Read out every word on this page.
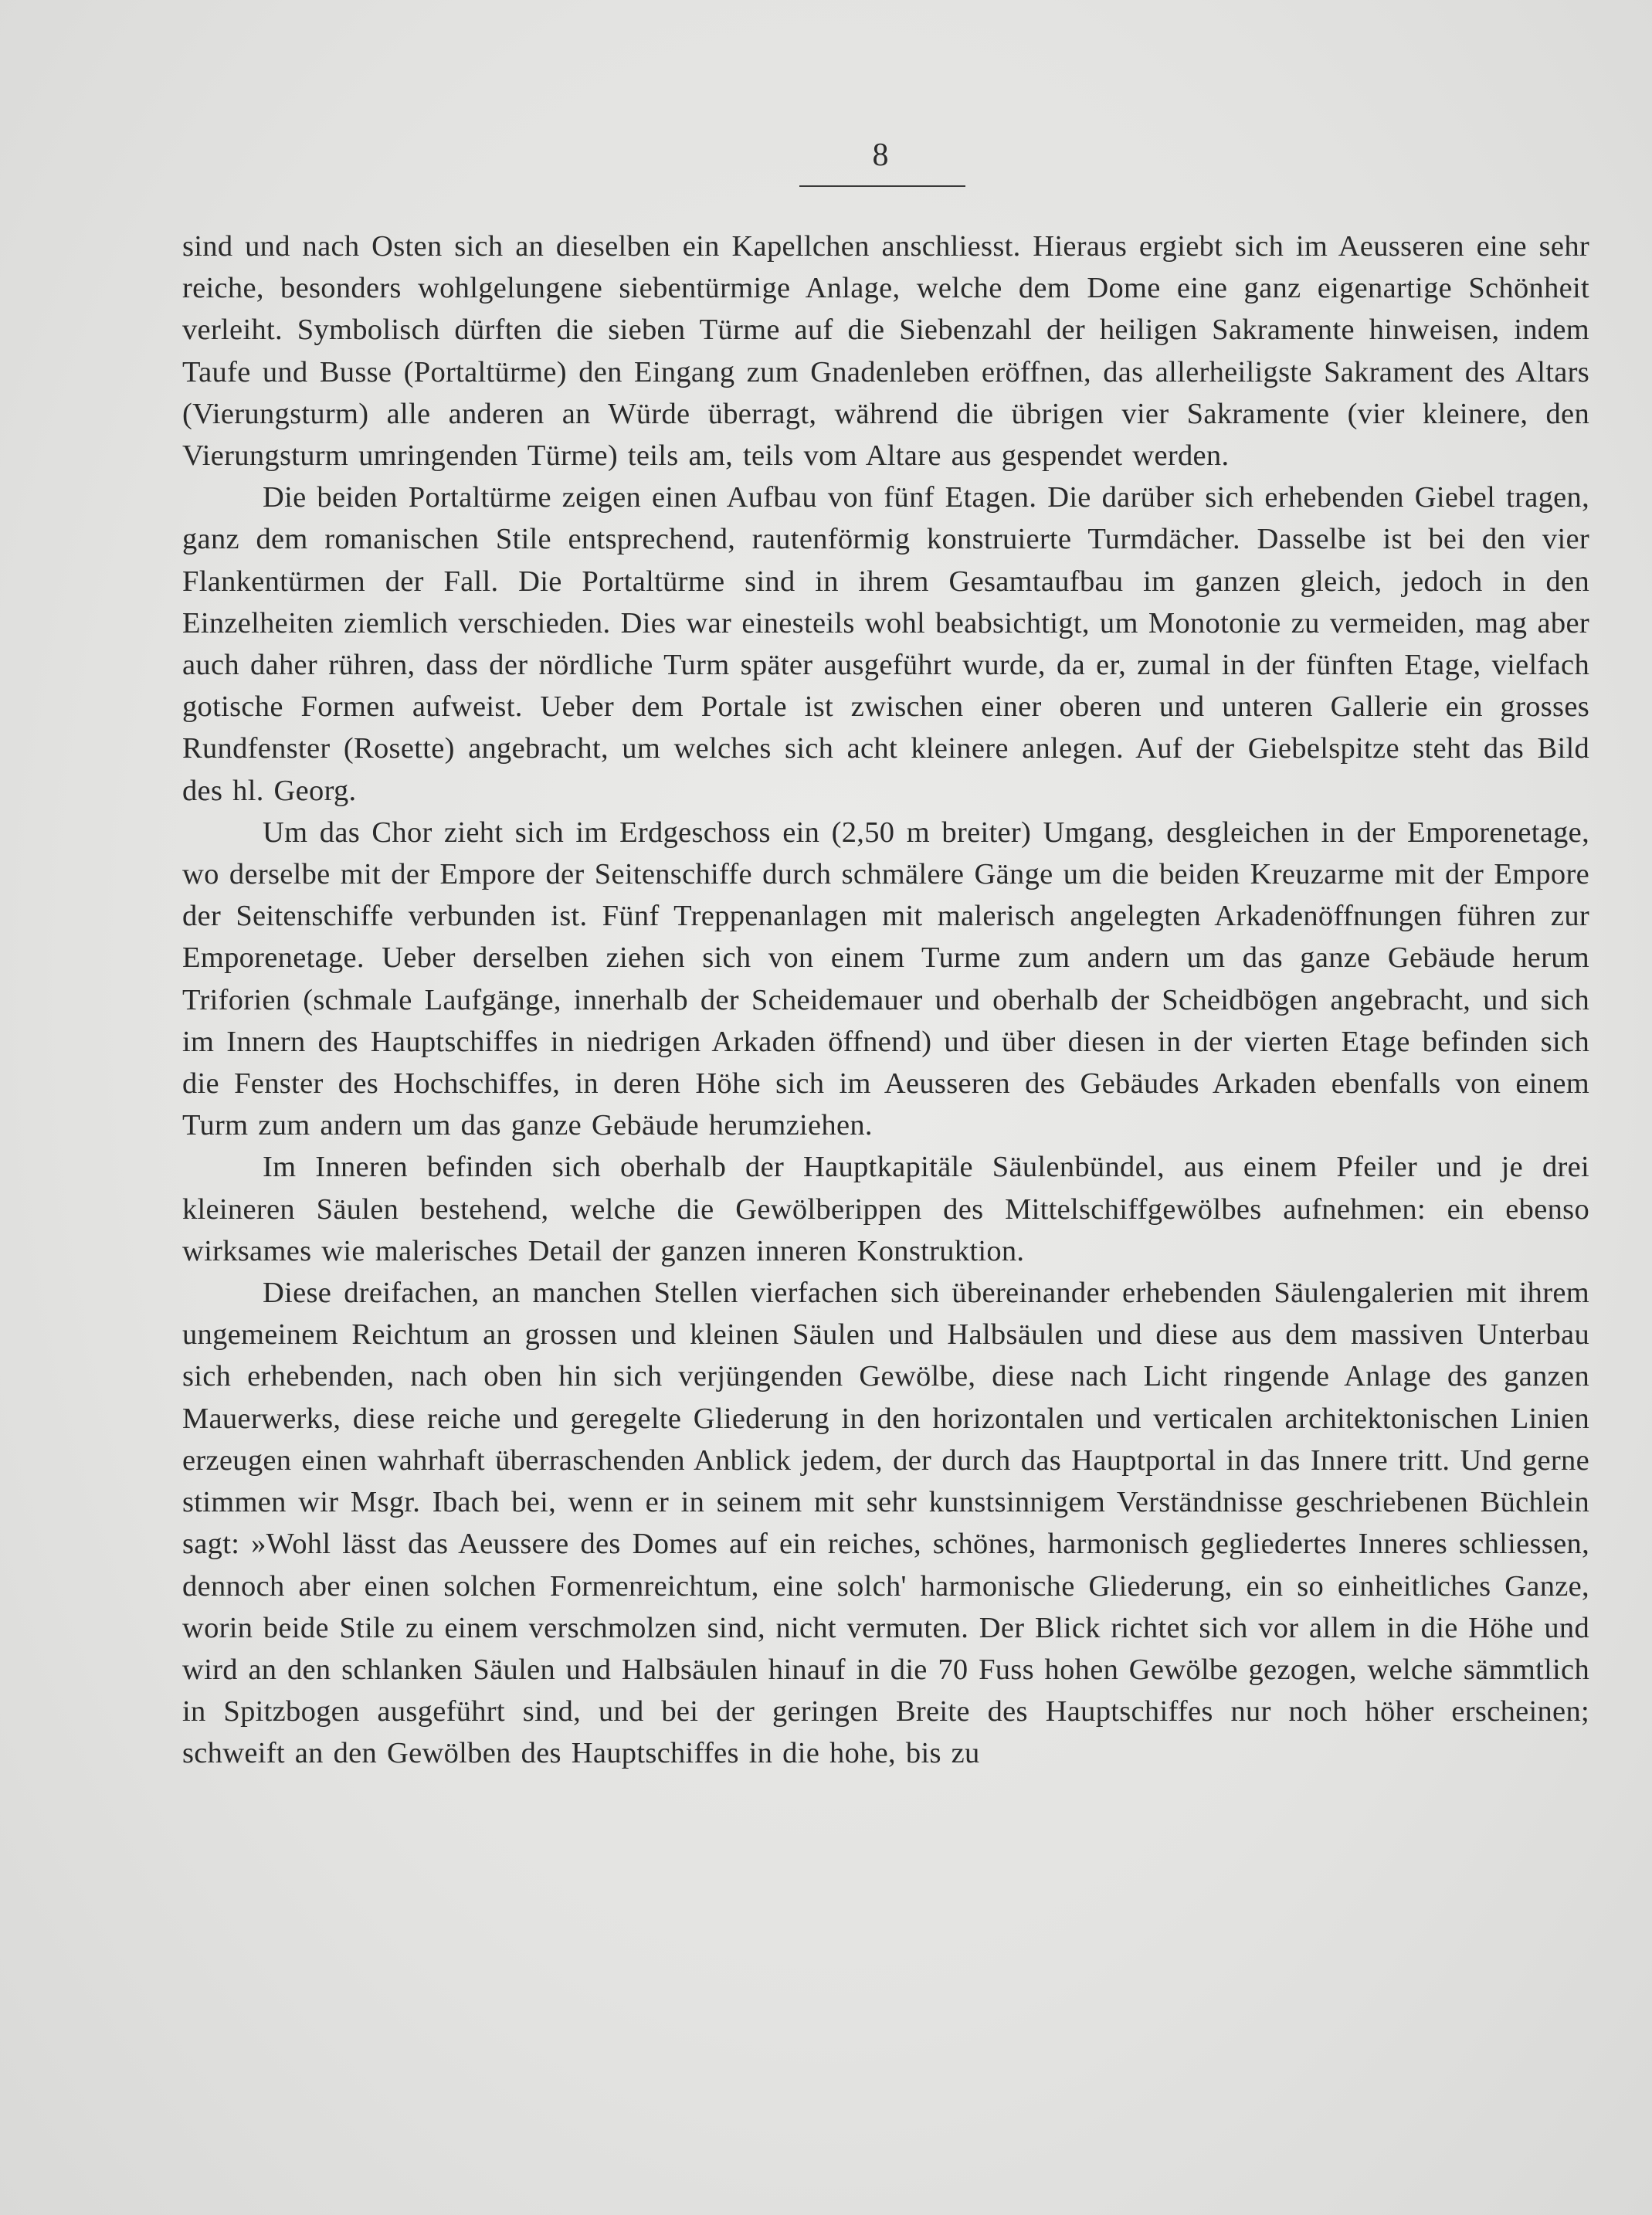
8

sind und nach Osten sich an dieselben ein Kapellchen anschliesst. Hieraus ergiebt sich im Aeusseren eine sehr reiche, besonders wohlgelungene siebentürmige Anlage, welche dem Dome eine ganz eigenartige Schönheit verleiht. Symbolisch dürften die sieben Türme auf die Siebenzahl der heiligen Sakramente hinweisen, indem Taufe und Busse (Portaltürme) den Eingang zum Gnadenleben eröffnen, das allerheiligste Sakrament des Altars (Vierungsturm) alle anderen an Würde überragt, während die übrigen vier Sakramente (vier kleinere, den Vierungsturm umringenden Türme) teils am, teils vom Altare aus gespendet werden.

Die beiden Portaltürme zeigen einen Aufbau von fünf Etagen. Die darüber sich erhebenden Giebel tragen, ganz dem romanischen Stile entsprechend, rautenförmig konstruierte Turmdächer. Dasselbe ist bei den vier Flankentürmen der Fall. Die Portaltürme sind in ihrem Gesamtaufbau im ganzen gleich, jedoch in den Einzelheiten ziemlich verschieden. Dies war einesteils wohl beabsichtigt, um Monotonie zu vermeiden, mag aber auch daher rühren, dass der nördliche Turm später ausgeführt wurde, da er, zumal in der fünften Etage, vielfach gotische Formen aufweist. Ueber dem Portale ist zwischen einer oberen und unteren Gallerie ein grosses Rundfenster (Rosette) angebracht, um welches sich acht kleinere anlegen. Auf der Giebelspitze steht das Bild des hl. Georg.

Um das Chor zieht sich im Erdgeschoss ein (2,50 m breiter) Umgang, desgleichen in der Emporenetage, wo derselbe mit der Empore der Seitenschiffe durch schmälere Gänge um die beiden Kreuzarme mit der Empore der Seitenschiffe verbunden ist. Fünf Treppenanlagen mit malerisch angelegten Arkadenöffnungen führen zur Emporenetage. Ueber derselben ziehen sich von einem Turme zum andern um das ganze Gebäude herum Triforien (schmale Laufgänge, innerhalb der Scheidemauer und oberhalb der Scheidbögen angebracht, und sich im Innern des Hauptschiffes in niedrigen Arkaden öffnend) und über diesen in der vierten Etage befinden sich die Fenster des Hochschiffes, in deren Höhe sich im Aeusseren des Gebäudes Arkaden ebenfalls von einem Turm zum andern um das ganze Gebäude herumziehen.

Im Inneren befinden sich oberhalb der Hauptkapitäle Säulenbündel, aus einem Pfeiler und je drei kleineren Säulen bestehend, welche die Gewölberippen des Mittelschiffgewölbes aufnehmen: ein ebenso wirksames wie malerisches Detail der ganzen inneren Konstruktion.

Diese dreifachen, an manchen Stellen vierfachen sich übereinander erhebenden Säulengalerien mit ihrem ungemeinem Reichtum an grossen und kleinen Säulen und Halbsäulen und diese aus dem massiven Unterbau sich erhebenden, nach oben hin sich verjüngenden Gewölbe, diese nach Licht ringende Anlage des ganzen Mauerwerks, diese reiche und geregelte Gliederung in den horizontalen und verticalen architektonischen Linien erzeugen einen wahrhaft überraschenden Anblick jedem, der durch das Hauptportal in das Innere tritt. Und gerne stimmen wir Msgr. Ibach bei, wenn er in seinem mit sehr kunstsinnigem Verständnisse geschriebenen Büchlein sagt: »Wohl lässt das Aeussere des Domes auf ein reiches, schönes, harmonisch gegliedertes Inneres schliessen, dennoch aber einen solchen Formenreichtum, eine solch' harmonische Gliederung, ein so einheitliches Ganze, worin beide Stile zu einem verschmolzen sind, nicht vermuten. Der Blick richtet sich vor allem in die Höhe und wird an den schlanken Säulen und Halbsäulen hinauf in die 70 Fuss hohen Gewölbe gezogen, welche sämmtlich in Spitzbogen ausgeführt sind, und bei der geringen Breite des Hauptschiffes nur noch höher erscheinen; schweift an den Gewölben des Hauptschiffes in die hohe, bis zu
